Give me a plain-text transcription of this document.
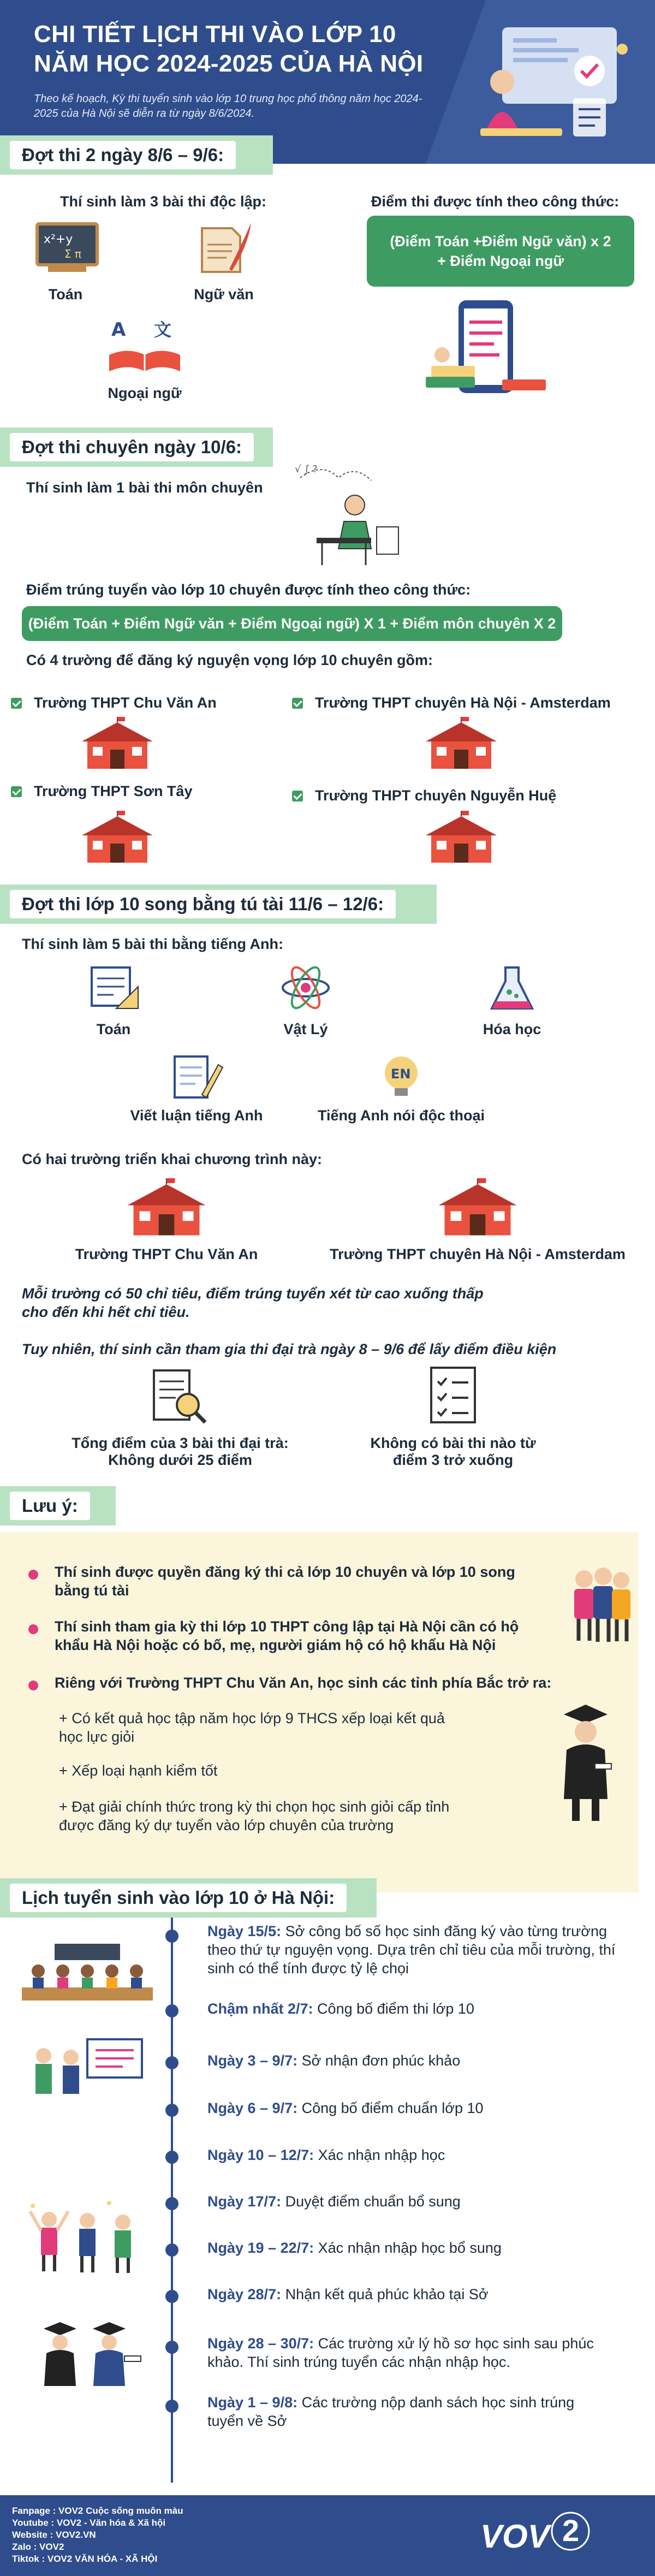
CHI TIẾT LỊCH THI VÀO LỚP 10
NĂM HỌC 2024-2025 CỦA HÀ NỘI
Theo kế hoạch, Kỳ thi tuyển sinh vào lớp 10 trung học phổ thông năm học 2024-2025 của Hà Nội sẽ diễn ra từ ngày 8/6/2024.
Đợt thi 2 ngày 8/6 – 9/6:
Thí sinh làm 3 bài thi độc lập:
x²+y
Σ π
Toán	Ngữ văn
A 文
Ngoại ngữ
Điểm thi được tính theo công thức:
(Điểm Toán +Điểm Ngữ văn) x 2
+ Điểm Ngoại ngữ
Đợt thi chuyên ngày 10/6:
Thí sinh làm 1 bài thi môn chuyên
√ ∫ ?
Điểm trúng tuyển vào lớp 10 chuyên được tính theo công thức:
(Điểm Toán + Điểm Ngữ văn + Điểm Ngoại ngữ) X 1 + Điểm môn chuyên X 2
Có 4 trường để đăng ký nguyện vọng lớp 10 chuyên gồm:
Trường THPT Chu Văn An	Trường THPT chuyên Hà Nội - Amsterdam
Trường THPT Sơn Tây	Trường THPT chuyên Nguyễn Huệ
Đợt thi lớp 10 song bằng tú tài 11/6 – 12/6:
Thí sinh làm 5 bài thi bằng tiếng Anh:
Toán	Vật Lý	Hóa học
Viết luận tiếng Anh
EN
Tiếng Anh nói độc thoại
Có hai trường triển khai chương trình này:
Trường THPT Chu Văn An	Trường THPT chuyên Hà Nội - Amsterdam
Mỗi trường có 50 chỉ tiêu, điểm trúng tuyển xét từ cao xuống thấp
cho đến khi hết chỉ tiêu.
Tuy nhiên, thí sinh cần tham gia thi đại trà ngày 8 – 9/6 để lấy điểm điều kiện
Tổng điểm của 3 bài thi đại trà:
Không dưới 25 điểm
Không có bài thi nào từ
điểm 3 trở xuống
Lưu ý:
Thí sinh được quyền đăng ký thi cả lớp 10 chuyên và lớp 10 song
bằng tú tài
Thí sinh tham gia kỳ thi lớp 10 THPT công lập tại Hà Nội cần có hộ
khẩu Hà Nội hoặc có bố, mẹ, người giám hộ có hộ khẩu Hà Nội
Riêng với Trường THPT Chu Văn An, học sinh các tỉnh phía Bắc trở ra:
+ Có kết quả học tập năm học lớp 9 THCS xếp loại kết quả
học lực giỏi
+ Xếp loại hạnh kiểm tốt
+ Đạt giải chính thức trong kỳ thi chọn học sinh giỏi cấp tỉnh
được đăng ký dự tuyển vào lớp chuyên của trường
Lịch tuyển sinh vào lớp 10 ở Hà Nội:
Ngày 15/5: Sở công bố số học sinh đăng ký vào từng trường theo thứ tự nguyện vọng. Dựa trên chỉ tiêu của mỗi trường, thí sinh có thể tính được tỷ lệ chọi
Chậm nhất 2/7: Công bố điểm thi lớp 10
Ngày 3 – 9/7: Sở nhận đơn phúc khảo
Ngày 6 – 9/7: Công bố điểm chuẩn lớp 10
Ngày 10 – 12/7: Xác nhận nhập học
Ngày 17/7: Duyệt điểm chuẩn bổ sung
Ngày 19 – 22/7: Xác nhận nhập học bổ sung
Ngày 28/7: Nhận kết quả phúc khảo tại Sở
Ngày 28 – 30/7: Các trường xử lý hồ sơ học sinh sau phúc khảo. Thí sinh trúng tuyển các nhận nhập học.
Ngày 1 – 9/8: Các trường nộp danh sách học sinh trúng tuyển về Sở
Fanpage : VOV2 Cuộc sống muôn màu
Youtube : VOV2 - Văn hóa & Xã hội
Website : VOV2.VN
Zalo : VOV2
Tiktok : VOV2 VĂN HÓA - XÃ HỘI
VOV 2
